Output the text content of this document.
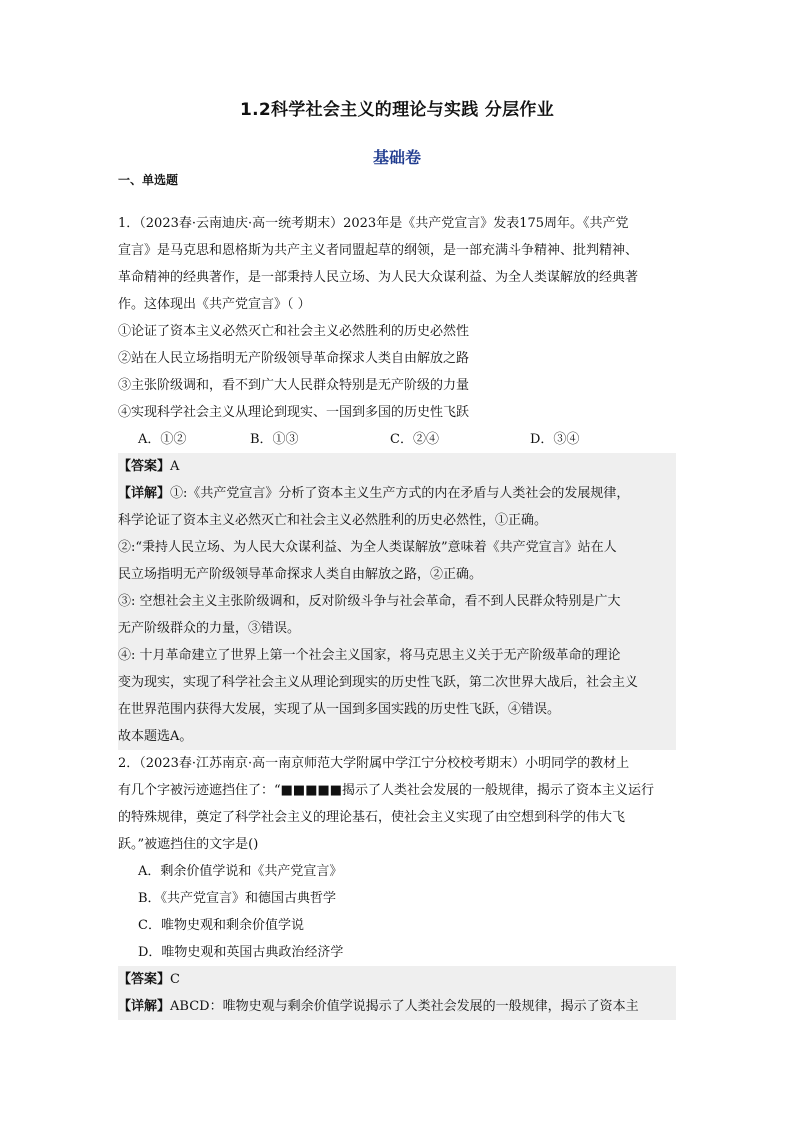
1.2科学社会主义的理论与实践 分层作业
基础卷
一、单选题

1．（2023春·云南迪庆·高一统考期末）2023年是《共产党宣言》发表175周年。《共产党

宣言》是马克思和恩格斯为共产主义者同盟起草的纲领，是一部充满斗争精神、批判精神、

革命精神的经典著作，是一部秉持人民立场、为人民大众谋利益、为全人类谋解放的经典著

作。这体现出《共产党宣言》（ ）

①论证了资本主义必然灭亡和社会主义必然胜利的历史必然性

②站在人民立场指明无产阶级领导革命探求人类自由解放之路

③主张阶级调和，看不到广大人民群众特别是无产阶级的力量

④实现科学社会主义从理论到现实、一国到多国的历史性飞跃

A．①②	B．①③	C．②④	D．③④

【答案】A

【详解】①:《共产党宣言》分析了资本主义生产方式的内在矛盾与人类社会的发展规律，

科学论证了资本主义必然灭亡和社会主义必然胜利的历史必然性，①正确。

②:“秉持人民立场、为人民大众谋利益、为全人类谋解放”意味着《共产党宣言》站在人

民立场指明无产阶级领导革命探求人类自由解放之路，②正确。

③: 空想社会主义主张阶级调和，反对阶级斗争与社会革命，看不到人民群众特别是广大

无产阶级群众的力量，③错误。

④: 十月革命建立了世界上第一个社会主义国家，将马克思主义关于无产阶级革命的理论

变为现实，实现了科学社会主义从理论到现实的历史性飞跃，第二次世界大战后，社会主义

在世界范围内获得大发展，实现了从一国到多国实践的历史性飞跃，④错误。

故本题选A。

2．（2023春·江苏南京·高一南京师范大学附属中学江宁分校校考期末）小明同学的教材上

有几个字被污迹遮挡住了：“■■■■■揭示了人类社会发展的一般规律，揭示了资本主义运行

的特殊规律，奠定了科学社会主义的理论基石，使社会主义实现了由空想到科学的伟大飞

跃。”被遮挡住的文字是()

A．剩余价值学说和《共产党宣言》

B．《共产党宣言》和德国古典哲学

C．唯物史观和剩余价值学说

D．唯物史观和英国古典政治经济学

【答案】C

【详解】ABCD：唯物史观与剩余价值学说揭示了人类社会发展的一般规律，揭示了资本主
